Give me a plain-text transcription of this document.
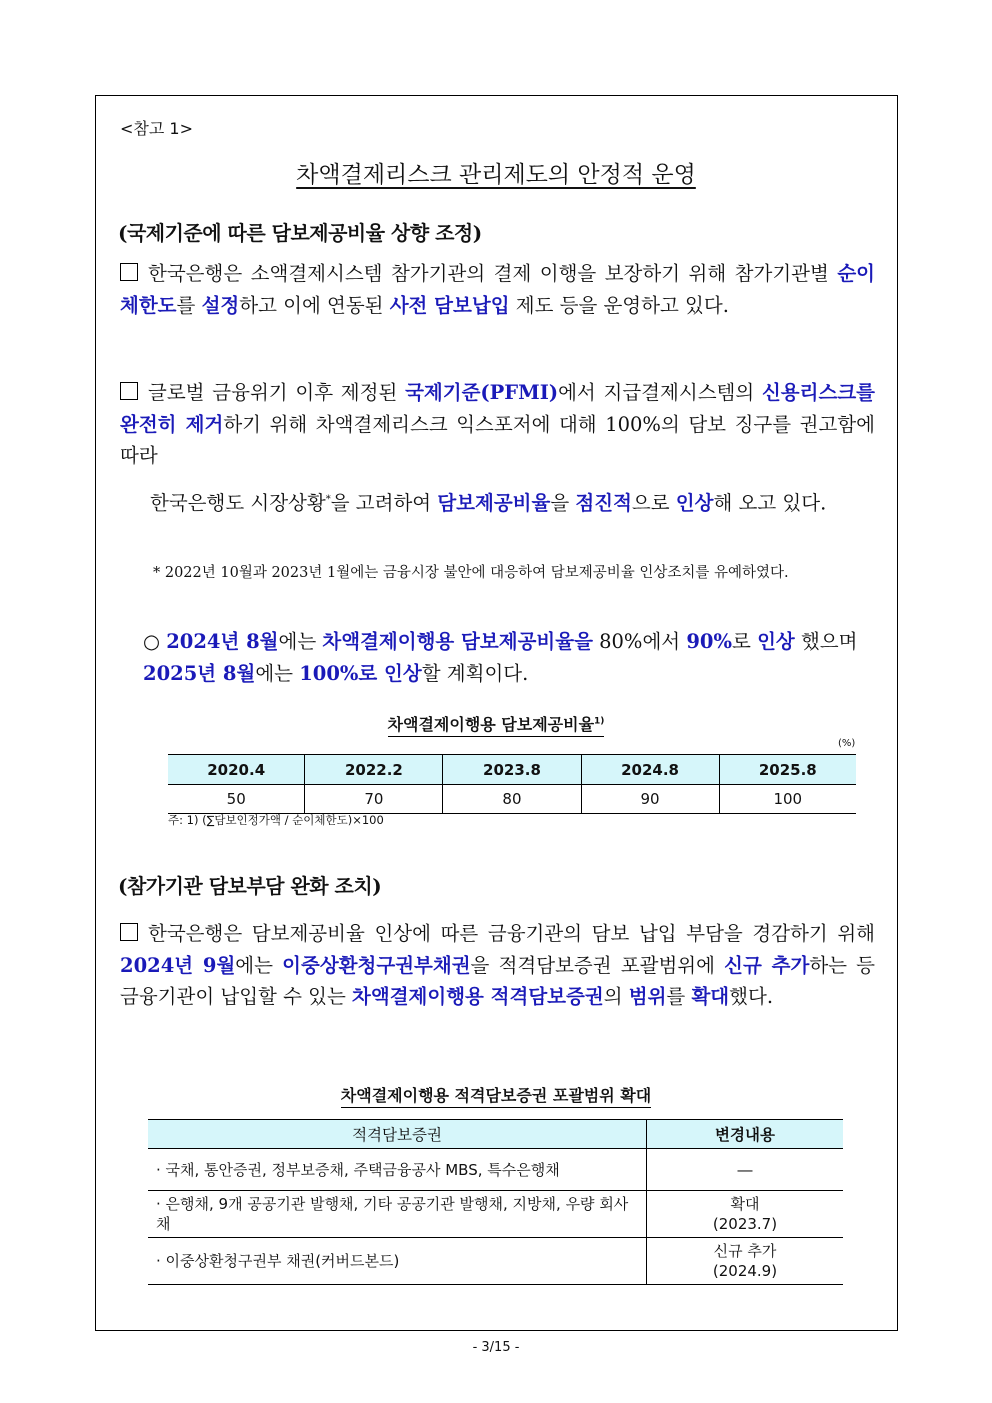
<참고 1>
차액결제리스크 관리제도의 안정적 운영
(국제기준에 따른 담보제공비율 상향 조정)
한국은행은 소액결제시스템 참가기관의 결제 이행을 보장하기 위해 참가기관별 순이체한도를 설정하고 이에 연동된 사전 담보납입 제도 등을 운영하고 있다.
글로벌 금융위기 이후 제정된 국제기준(PFMI)에서 지급결제시스템의 신용리스크를 완전히 제거하기 위해 차액결제리스크 익스포저에 대해 100%의 담보 징구를 권고함에 따라
한국은행도 시장상황*을 고려하여 담보제공비율을 점진적으로 인상해 오고 있다.
* 2022년 10월과 2023년 1월에는 금융시장 불안에 대응하여 담보제공비율 인상조치를 유예하였다.
○ 2024년 8월에는 차액결제이행용 담보제공비율을 80%에서 90%로 인상 했으며 2025년 8월에는 100%로 인상할 계획이다.
차액결제이행용 담보제공비율$^{1)}$
(%)
2020.4	2022.2	2023.8	2024.8	2025.8
50	70	80	90	100
주: 1) (∑담보인정가액 / 순이체한도)×100
(참가기관 담보부담 완화 조치)
한국은행은 담보제공비율 인상에 따른 금융기관의 담보 납입 부담을 경감하기 위해 2024년 9월에는 이중상환청구권부채권을 적격담보증권 포괄범위에 신규 추가하는 등 금융기관이 납입할 수 있는 차액결제이행용 적격담보증권의 범위를 확대했다.
차액결제이행용 적격담보증권 포괄범위 확대
적격담보증권	변경내용
· 국채, 통안증권, 정부보증채, 주택금융공사 MBS, 특수은행채	―
· 은행채, 9개 공공기관 발행채, 기타 공공기관 발행채, 지방채, 우량 회사채	확대
(2023.7)

· 이중상환청구권부 채권(커버드본드)	신규 추가
(2024.9)
- 3/15 -
